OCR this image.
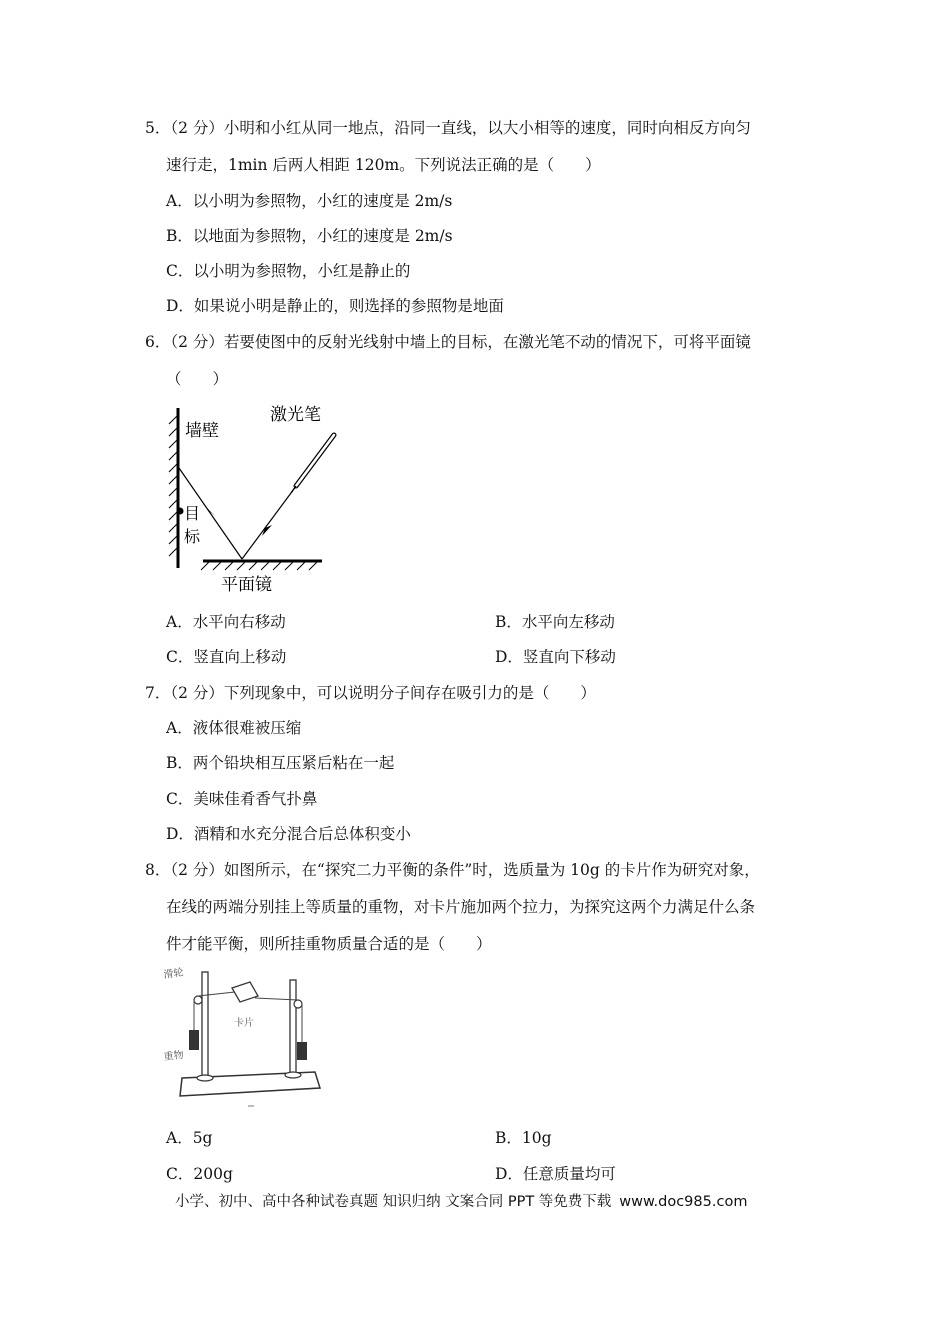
5．（2 分）小明和小红从同一地点，沿同一直线，以大小相等的速度，同时向相反方向匀
速行走，1min 后两人相距 120m。下列说法正确的是（　　）
A．以小明为参照物，小红的速度是 2m/s
B．以地面为参照物，小红的速度是 2m/s
C．以小明为参照物，小红是静止的
D．如果说小明是静止的，则选择的参照物是地面
6．（2 分）若要使图中的反射光线射中墙上的目标，在激光笔不动的情况下，可将平面镜
（　　）
墙壁
目
标
平面镜
激光笔
A．水平向右移动	B．水平向左移动
C．竖直向上移动	D．竖直向下移动
7．（2 分）下列现象中，可以说明分子间存在吸引力的是（　　）
A．液体很难被压缩
B．两个铅块相互压紧后粘在一起
C．美味佳肴香气扑鼻
D．酒精和水充分混合后总体积变小
8．（2 分）如图所示，在“探究二力平衡的条件”时，选质量为 10g 的卡片作为研究对象，
在线的两端分别挂上等质量的重物，对卡片施加两个拉力，为探究这两个力满足什么条
件才能平衡，则所挂重物质量合适的是（　　）
滑轮
卡片
重物
A．5g	B．10g
C．200g	D．任意质量均可
小学、初中、高中各种试卷真题 知识归纳 文案合同 PPT 等免费下载 www.doc985.com
